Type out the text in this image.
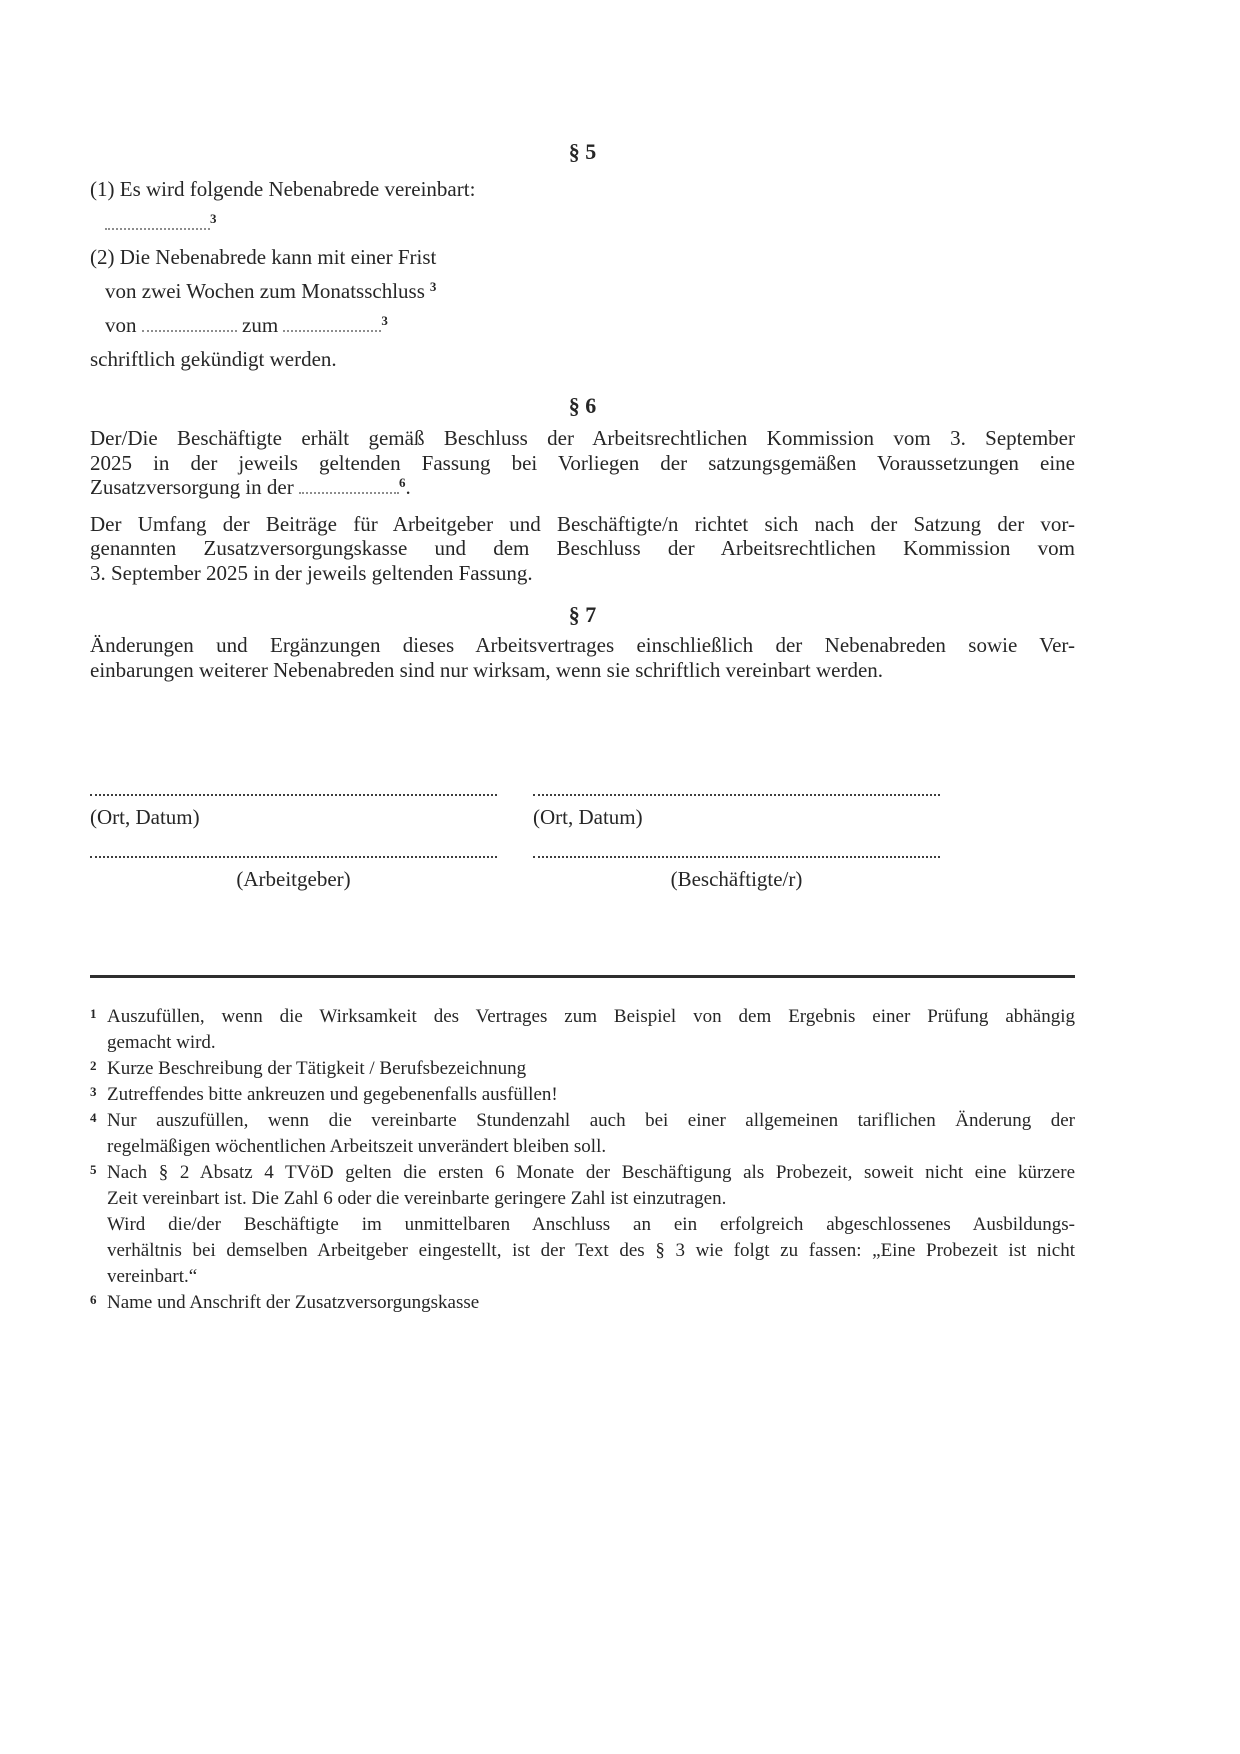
§ 5
(1) Es wird folgende Nebenabrede vereinbart:
$^3$
(2) Die Nebenabrede kann mit einer Frist
von zwei Wochen zum Monatsschluss $^3$
von	zum	$^3$
schriftlich gekündigt werden.
§ 6
Der/Die Beschäftigte erhält gemäß Beschluss der Arbeitsrechtlichen Kommission vom 3. September
2025 in der jeweils geltenden Fassung bei Vorliegen der satzungsgemäßen Voraussetzungen eine
Zusatzversorgung in der	$^6$.
Der Umfang der Beiträge für Arbeitgeber und Beschäftigte/n richtet sich nach der Satzung der vor-
genannten Zusatzversorgungskasse und dem Beschluss der Arbeitsrechtlichen Kommission vom
3. September 2025 in der jeweils geltenden Fassung.
§ 7
Änderungen und Ergänzungen dieses Arbeitsvertrages einschließlich der Nebenabreden sowie Ver-
einbarungen weiterer Nebenabreden sind nur wirksam, wenn sie schriftlich vereinbart werden.
(Ort, Datum)
(Arbeitgeber)
(Ort, Datum)
(Beschäftigte/r)
1 Auszufüllen, wenn die Wirksamkeit des Vertrages zum Beispiel von dem Ergebnis einer Prüfung abhängig
gemacht wird.
2 Kurze Beschreibung der Tätigkeit / Berufsbezeichnung
3 Zutreffendes bitte ankreuzen und gegebenenfalls ausfüllen!
4 Nur auszufüllen, wenn die vereinbarte Stundenzahl auch bei einer allgemeinen tariflichen Änderung der
regelmäßigen wöchentlichen Arbeitszeit unverändert bleiben soll.
5 Nach § 2 Absatz 4 TVöD gelten die ersten 6 Monate der Beschäftigung als Probezeit, soweit nicht eine kürzere
Zeit vereinbart ist. Die Zahl 6 oder die vereinbarte geringere Zahl ist einzutragen.
Wird die/der Beschäftigte im unmittelbaren Anschluss an ein erfolgreich abgeschlossenes Ausbildungs-
verhältnis bei demselben Arbeitgeber eingestellt, ist der Text des § 3 wie folgt zu fassen: „Eine Probezeit ist nicht
vereinbart.“
6 Name und Anschrift der Zusatzversorgungskasse
